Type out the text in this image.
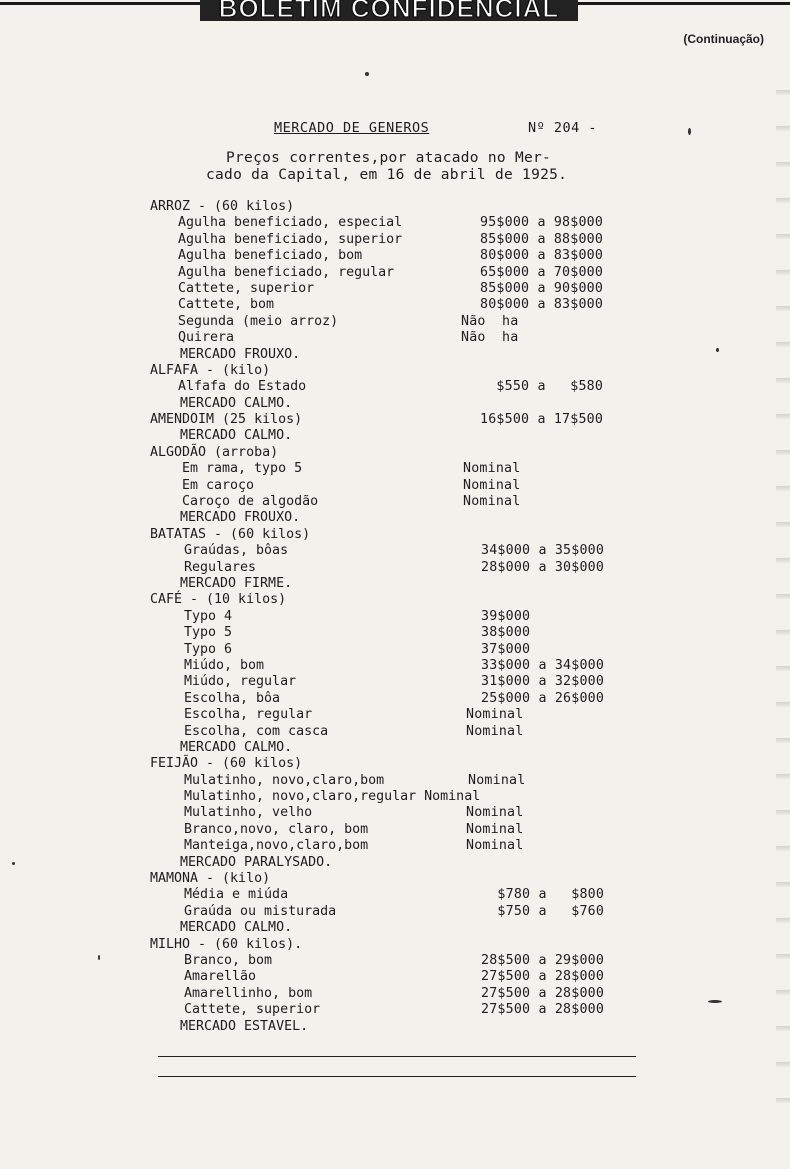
BOLETIM CONFIDENCIAL
(Continuação)
MERCADO DE GENEROS	Nº 204 -
Preços correntes,por atacado no Mer-
cado da Capital, em 16 de abril de 1925.
ARROZ - (60 kilos)
Agulha beneficiado, especial	95$000 a 98$000
Agulha beneficiado, superior	85$000 a 88$000
Agulha beneficiado, bom	80$000 a 83$000
Agulha beneficiado, regular	65$000 a 70$000
Cattete, superior	85$000 a 90$000
Cattete, bom	80$000 a 83$000
Segunda (meio arroz)	Não  ha
Quirera	Não  ha
MERCADO FROUXO.
ALFAFA - (kilo)
Alfafa do Estado	$550 a   $580
MERCADO CALMO.
AMENDOIM (25 kilos)	16$500 a 17$500
MERCADO CALMO.
ALGODÃO (arroba)
Em rama, typo 5	Nominal
Em caroço	Nominal
Caroço de algodão	Nominal
MERCADO FROUXO.
BATATAS - (60 kilos)
Graúdas, bôas	34$000 a 35$000
Regulares	28$000 a 30$000
MERCADO FIRME.
CAFÉ - (10 kilos)
Typo 4	39$000
Typo 5	38$000
Typo 6	37$000
Miúdo, bom	33$000 a 34$000
Miúdo, regular	31$000 a 32$000
Escolha, bôa	25$000 a 26$000
Escolha, regular	Nominal
Escolha, com casca	Nominal
MERCADO CALMO.
FEIJÃO - (60 kilos)
Mulatinho, novo,claro,bom	Nominal
Mulatinho, novo,claro,regular Nominal
Mulatinho, velho	Nominal
Branco,novo, claro, bom	Nominal
Manteiga,novo,claro,bom	Nominal
MERCADO PARALYSADO.
MAMONA - (kilo)
Média e miúda	$780 a   $800
Graúda ou misturada	$750 a   $760
MERCADO CALMO.
MILHO - (60 kilos).
Branco, bom	28$500 a 29$000
Amarellão	27$500 a 28$000
Amarellinho, bom	27$500 a 28$000
Cattete, superior	27$500 a 28$000
MERCADO ESTAVEL.
